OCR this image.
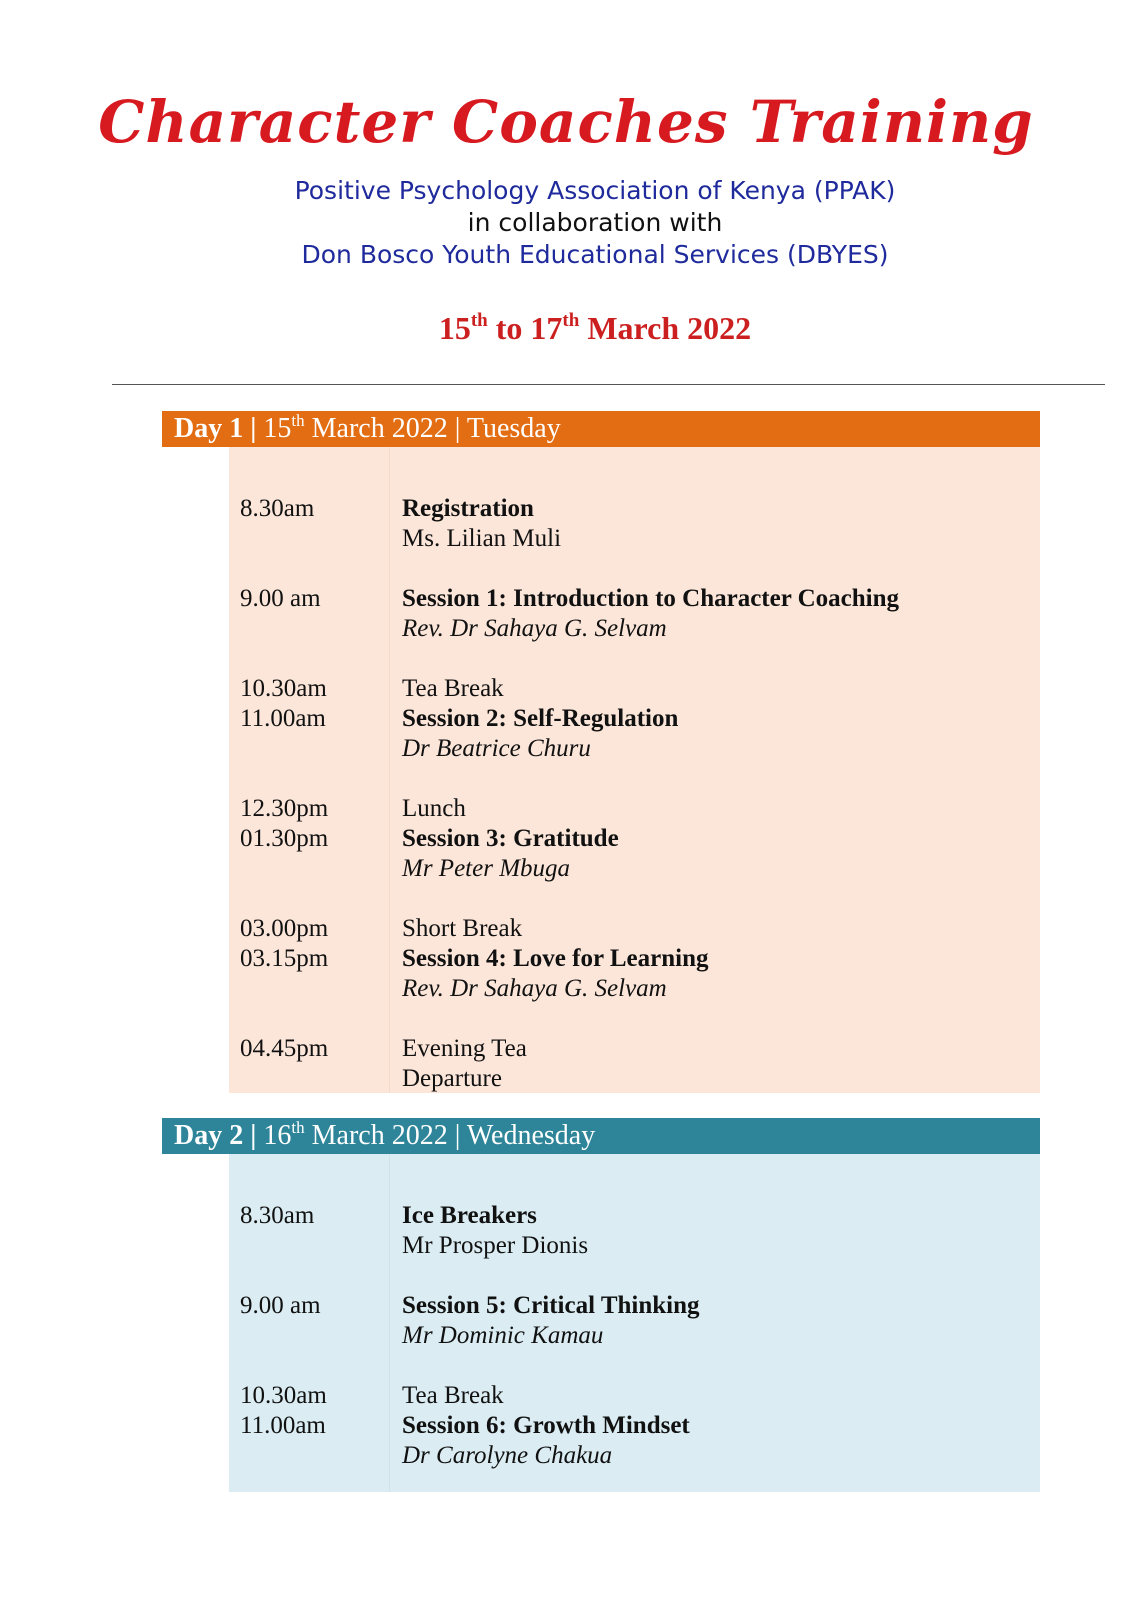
Character Coaches Training
Positive Psychology Association of Kenya (PPAK)
in collaboration with
Don Bosco Youth Educational Services (DBYES)
15th to 17th March 2022
Day 1 | 15th March 2022 | Tuesday
8.30am	Registration
Ms. Lilian Muli
9.00 am	Session 1: Introduction to Character Coaching
Rev. Dr Sahaya G. Selvam
10.30am	Tea Break
11.00am	Session 2: Self-Regulation
Dr Beatrice Churu
12.30pm	Lunch
01.30pm	Session 3: Gratitude
Mr Peter Mbuga
03.00pm	Short Break
03.15pm	Session 4: Love for Learning
Rev. Dr Sahaya G. Selvam
04.45pm	Evening Tea
Departure
Day 2 | 16th March 2022 | Wednesday
8.30am	Ice Breakers
Mr Prosper Dionis
9.00 am	Session 5: Critical Thinking
Mr Dominic Kamau
10.30am	Tea Break
11.00am	Session 6: Growth Mindset
Dr Carolyne Chakua
